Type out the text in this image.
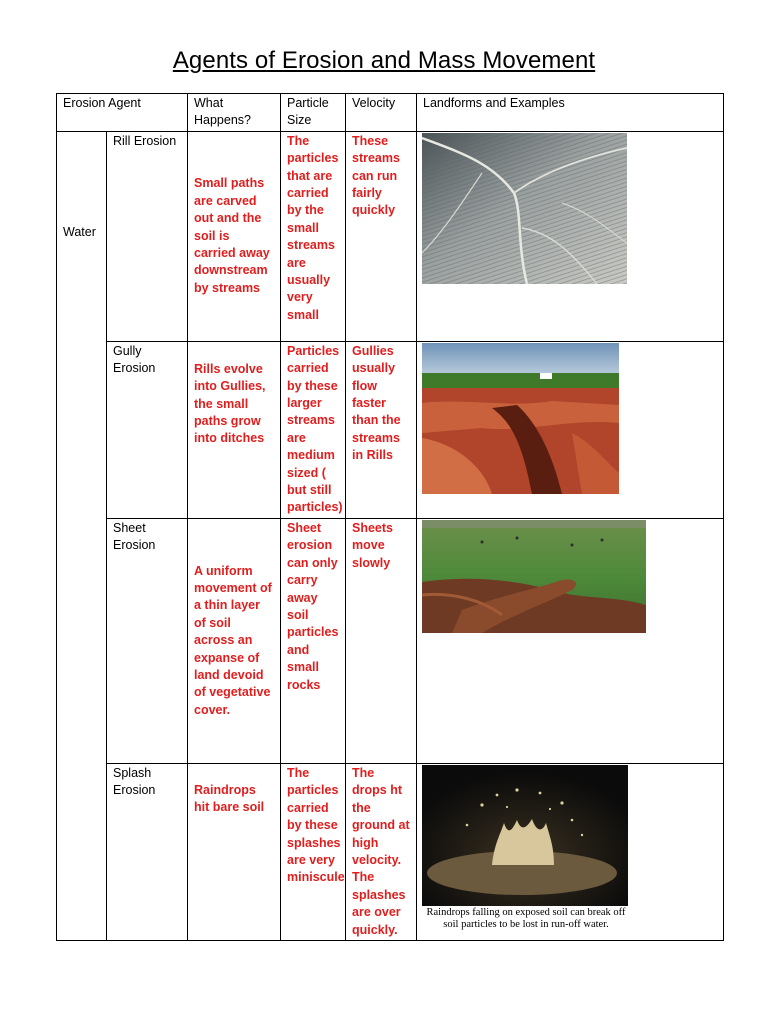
Agents of Erosion and Mass Movement
Erosion Agent		What Happens?	Particle Size	Velocity	Landforms and Examples

Water	Rill Erosion	Small paths are carved out and the soil is carried away downstream by streams	The particles that are carried by the small streams are usually very small	These streams can run fairly quickly	

	Gully Erosion	Rills evolve into Gullies, the small paths grow into ditches	Particles carried by these larger streams are medium sized ( but still particles)	Gullies usually flow faster than the streams in Rills	

	Sheet Erosion	A uniform movement of a thin layer of soil across an expanse of land devoid of vegetative cover.	Sheet erosion can only carry away soil particles and small rocks	Sheets move slowly	

	Splash Erosion	Raindrops hit bare soil	The particles carried by these splashes are very miniscule	The drops ht the ground at high velocity. The splashes are over quickly.	Raindrops falling on exposed soil can break off soil particles to be lost in run-off water.
